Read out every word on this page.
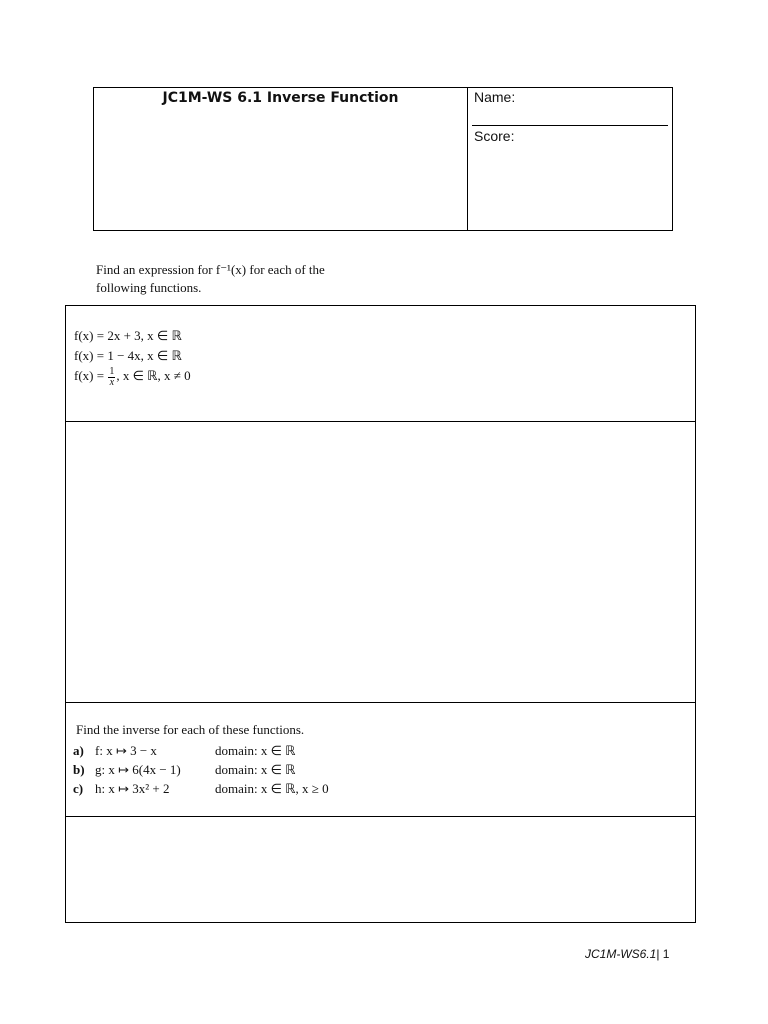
JC1M-WS 6.1 Inverse Function	Name:
Score:
Find an expression for f⁻¹(x) for each of the following functions.
f(x) = 2x + 3, x ∈ ℝ
f(x) = 1 − 4x, x ∈ ℝ
$f(x) = \frac{1}{x}$ , x ∈ ℝ, x ≠ 0
Find the inverse for each of these functions.
a) f: x ↦ 3 − x	domain: x ∈ ℝ
b) g: x ↦ 6(4x − 1)	domain: x ∈ ℝ
c) h: x ↦ 3x² + 2	domain: x ∈ ℝ, x ≥ 0
JC1M-WS6.1| 1
